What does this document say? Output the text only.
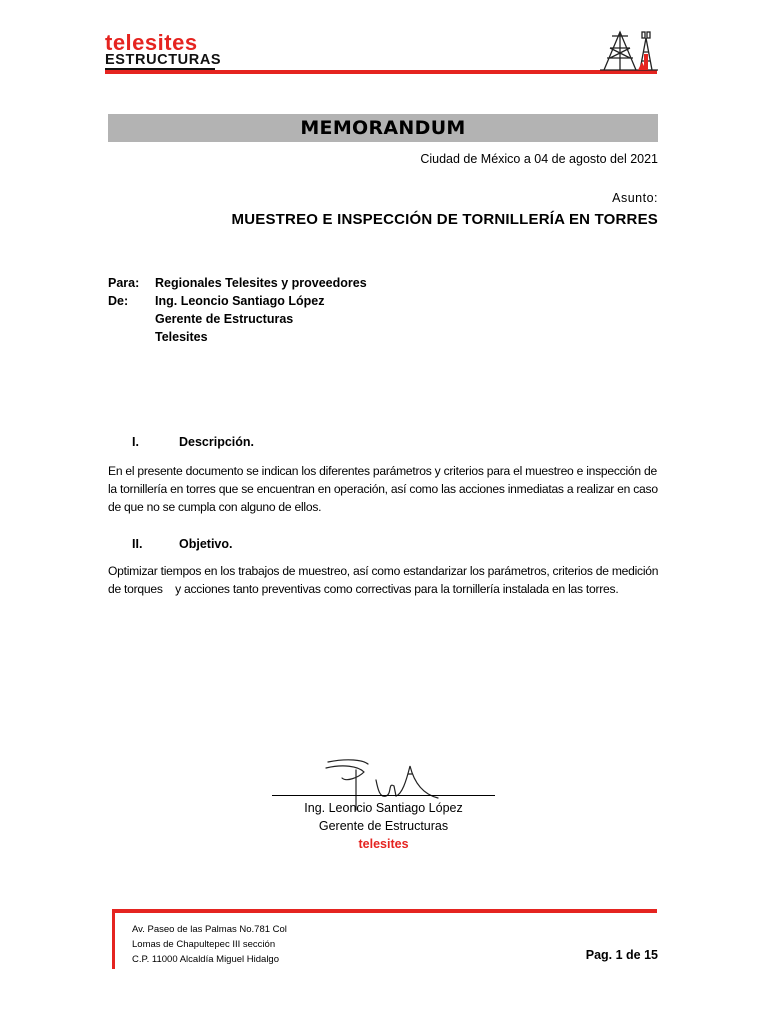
telesites
ESTRUCTURAS
MEMORANDUM
Ciudad de México a 04 de agosto del 2021
Asunto:
MUESTREO E INSPECCIÓN DE TORNILLERÍA EN TORRES
Para: Regionales Telesites y proveedores
De: Ing. Leoncio Santiago López
Gerente de Estructuras
Telesites
I.	Descripción.
En el presente documento se indican los diferentes parámetros y criterios para el muestreo e inspección de
la tornillería en torres que se encuentran en operación, así como las acciones inmediatas a realizar en caso
de que no se cumpla con alguno de ellos.
II.	Objetivo.
Optimizar tiempos en los trabajos de muestreo, así como estandarizar los parámetros, criterios de medición
de torques    y acciones tanto preventivas como correctivas para la tornillería instalada en las torres.
Ing. Leoncio Santiago López
Gerente de Estructuras
telesites
Av. Paseo de las Palmas No.781 Col
Lomas de Chapultepec III sección
C.P. 11000 Alcaldía Miguel Hidalgo	Pag. 1 de 15
